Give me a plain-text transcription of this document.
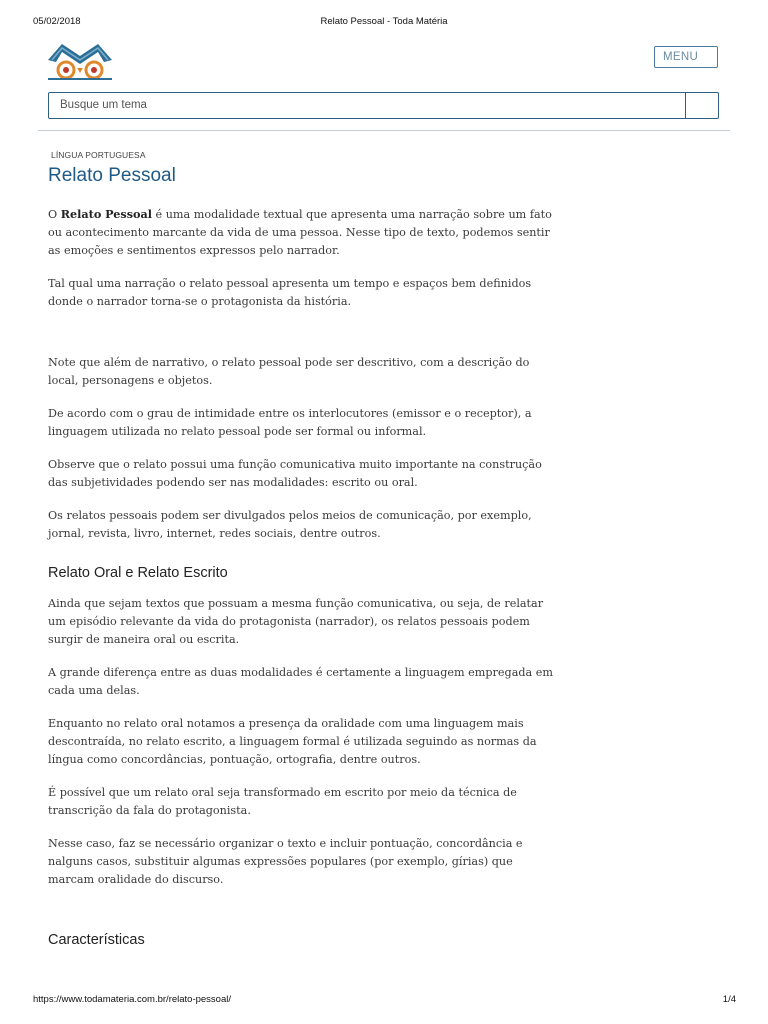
05/02/2018	Relato Pessoal - Toda Matéria
MENU
Busque um tema
LÍNGUA PORTUGUESA
Relato Pessoal

O Relato Pessoal é uma modalidade textual que apresenta uma narração sobre um fato ou acontecimento marcante da vida de uma pessoa. Nesse tipo de texto, podemos sentir as emoções e sentimentos expressos pelo narrador.

Tal qual uma narração o relato pessoal apresenta um tempo e espaços bem definidos donde o narrador torna-se o protagonista da história.

Note que além de narrativo, o relato pessoal pode ser descritivo, com a descrição do local, personagens e objetos.

De acordo com o grau de intimidade entre os interlocutores (emissor e o receptor), a linguagem utilizada no relato pessoal pode ser formal ou informal.

Observe que o relato possui uma função comunicativa muito importante na construção das subjetividades podendo ser nas modalidades: escrito ou oral.

Os relatos pessoais podem ser divulgados pelos meios de comunicação, por exemplo, jornal, revista, livro, internet, redes sociais, dentre outros.

Relato Oral e Relato Escrito

Ainda que sejam textos que possuam a mesma função comunicativa, ou seja, de relatar um episódio relevante da vida do protagonista (narrador), os relatos pessoais podem surgir de maneira oral ou escrita.

A grande diferença entre as duas modalidades é certamente a linguagem empregada em cada uma delas.

Enquanto no relato oral notamos a presença da oralidade com uma linguagem mais descontraída, no relato escrito, a linguagem formal é utilizada seguindo as normas da língua como concordâncias, pontuação, ortografia, dentre outros.

É possível que um relato oral seja transformado em escrito por meio da técnica de transcrição da fala do protagonista.

Nesse caso, faz se necessário organizar o texto e incluir pontuação, concordância e nalguns casos, substituir algumas expressões populares (por exemplo, gírias) que marcam oralidade do discurso.

Características
https://www.todamateria.com.br/relato-pessoal/	1/4
